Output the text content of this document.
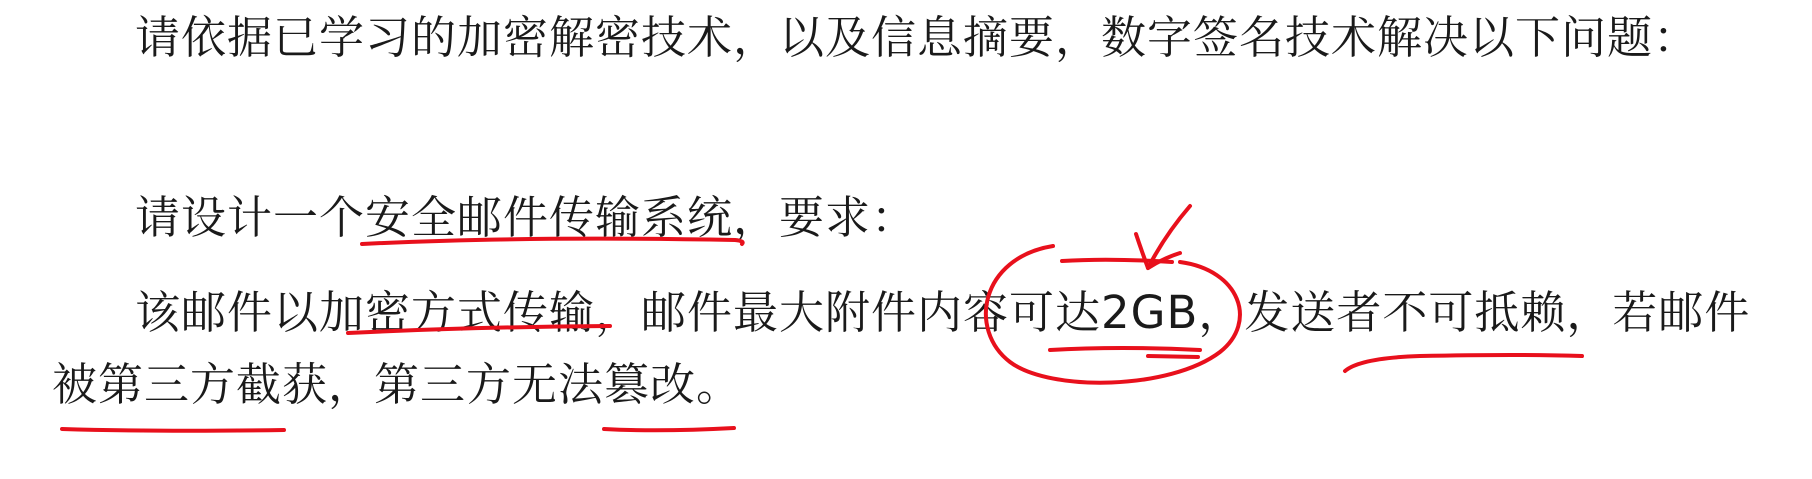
请依据已学习的加密解密技术，以及信息摘要，数字签名技术解决以下问题：
请设计一个安全邮件传输系统，要求：
该邮件以加密方式传输，邮件最大附件内容可达2GB，发送者不可抵赖，若邮件
被第三方截获，第三方无法篡改。
